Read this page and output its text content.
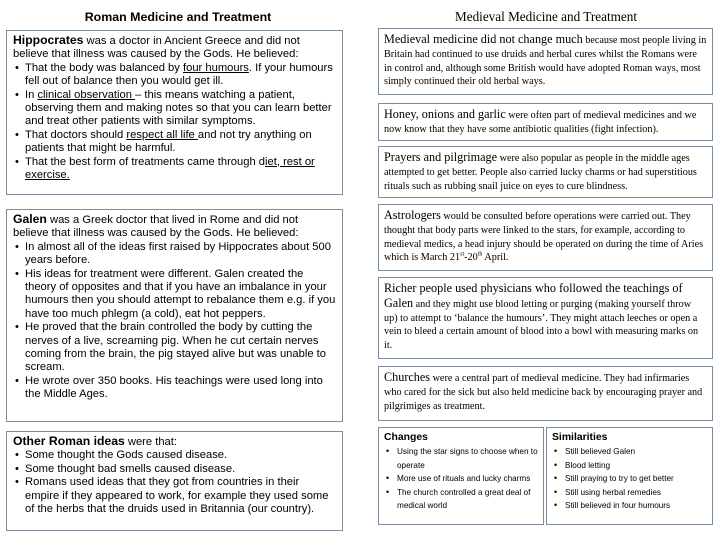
Roman Medicine and Treatment	Medieval Medicine and Treatment
Hippocrates was a doctor in Ancient Greece and did not believe that illness was caused by the Gods. He believed:
• That the body was balanced by four humours. If your humours fell out of balance then you would get ill.
• In clinical observation – this means watching a patient, observing them and making notes so that you can learn better and treat other patients with similar symptoms.
• That doctors should respect all life and not try anything on patients that might be harmful.
• That the best form of treatments came through diet, rest or exercise.
Galen was a Greek doctor that lived in Rome and did not believe that illness was caused by the Gods. He believed:
• In almost all of the ideas first raised by Hippocrates about 500 years before.
• His ideas for treatment were different. Galen created the theory of opposites and that if you have an imbalance in your humours then you should attempt to rebalance them e.g. if you have too much phlegm (a cold), eat hot peppers.
• He proved that the brain controlled the body by cutting the nerves of a live, screaming pig. When he cut certain nerves coming from the brain, the pig stayed alive but was unable to scream.
• He wrote over 350 books. His teachings were used long into the Middle Ages.
Other Roman ideas were that:
• Some thought the Gods caused disease.
• Some thought bad smells caused disease.
• Romans used ideas that they got from countries in their empire if they appeared to work, for example they used some of the herbs that the druids used in Britannia (our country).
Medieval medicine did not change much because most people living in Britain had continued to use druids and herbal cures whilst the Romans were in control and, although some British would have adopted Roman ways, most simply continued their old herbal ways.
Honey, onions and garlic were often part of medieval medicines and we now know that they have some antibiotic qualities (fight infection).
Prayers and pilgrimage were also popular as people in the middle ages attempted to get better. People also carried lucky charms or had superstitious rituals such as rubbing snail juice on eyes to cure blindness.
Astrologers would be consulted before operations were carried out. They thought that body parts were linked to the stars, for example, according to medieval medics, a head injury should be operated on during the time of Aries which is March 21st-20th April.
Richer people used physicians who followed the teachings of Galen and they might use blood letting or purging (making yourself throw up) to attempt to ‘balance the humours’. They might attach leeches or open a vein to bleed a certain amount of blood into a bowl with measuring marks on it.
Churches were a central part of medieval medicine. They had infirmaries who cared for the sick but also held medicine back by encouraging prayer and pilgrimiges as treatment.
Changes
• Using the star signs to choose when to operate
• More use of rituals and lucky charms
• The church controlled a great deal of medical world
Similarities
• Still believed Galen
• Blood letting
• Still praying to try to get better
• Still using herbal remedies
• Still believed in four humours
